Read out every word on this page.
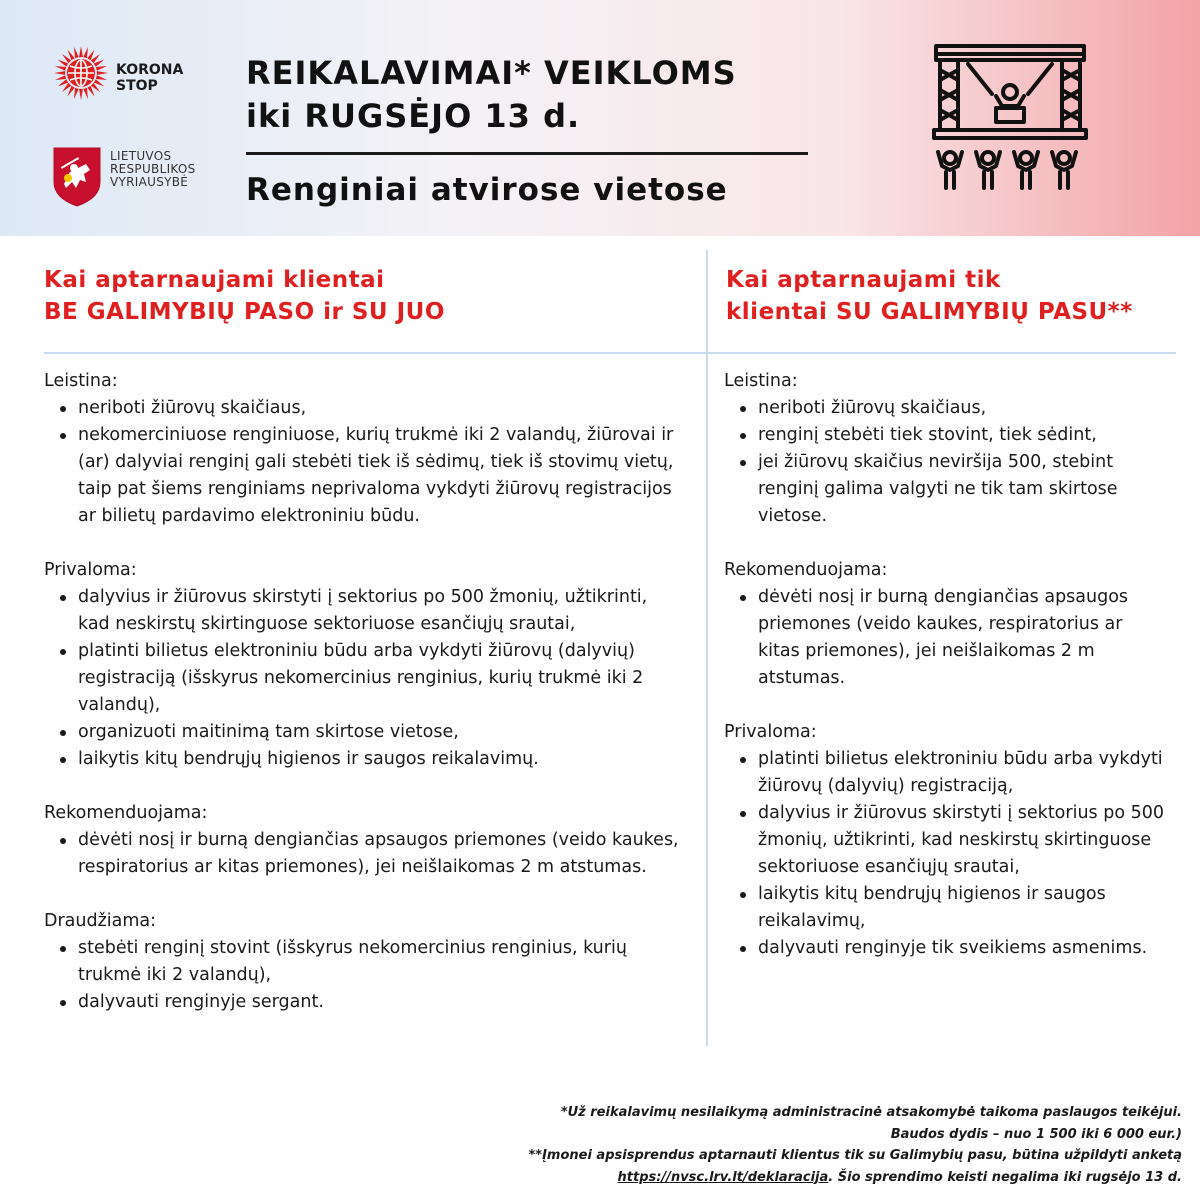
KORONA
STOP
LIETUVOS
RESPUBLIKOS
VYRIAUSYBĖ
REIKALAVIMAI* VEIKLOMS
iki RUGSĖJO 13 d.
Renginiai atvirose vietose
Kai aptarnaujami klientai
BE GALIMYBIŲ PASO ir SU JUO
Kai aptarnaujami tik
klientai SU GALIMYBIŲ PASU**
Leistina:
neriboti žiūrovų skaičiaus,
nekomerciniuose renginiuose, kurių trukmė iki 2 valandų, žiūrovai ir (ar) dalyviai renginį gali stebėti tiek iš sėdimų, tiek iš stovimų vietų, taip pat šiems renginiams neprivaloma vykdyti žiūrovų registracijos ar bilietų pardavimo elektroniniu būdu.
Privaloma:
dalyvius ir žiūrovus skirstyti į sektorius po 500 žmonių, užtikrinti, kad neskirstų skirtinguose sektoriuose esančiųjų srautai,
platinti bilietus elektroniniu būdu arba vykdyti žiūrovų (dalyvių) registraciją (išskyrus nekomercinius renginius, kurių trukmė iki 2 valandų),
organizuoti maitinimą tam skirtose vietose,
laikytis kitų bendrųjų higienos ir saugos reikalavimų.
Rekomenduojama:
dėvėti nosį ir burną dengiančias apsaugos priemones (veido kaukes, respiratorius ar kitas priemones), jei neišlaikomas 2 m atstumas.
Draudžiama:
stebėti renginį stovint (išskyrus nekomercinius renginius, kurių trukmė iki 2 valandų),
dalyvauti renginyje sergant.
Leistina:
neriboti žiūrovų skaičiaus,
renginį stebėti tiek stovint, tiek sėdint,
jei žiūrovų skaičius neviršija 500, stebint renginį galima valgyti ne tik tam skirtose vietose.
Rekomenduojama:
dėvėti nosį ir burną dengiančias apsaugos priemones (veido kaukes, respiratorius ar kitas priemones), jei neišlaikomas 2 m atstumas.
Privaloma:
platinti bilietus elektroniniu būdu arba vykdyti žiūrovų (dalyvių) registraciją,
dalyvius ir žiūrovus skirstyti į sektorius po 500 žmonių, užtikrinti, kad neskirstų skirtinguose sektoriuose esančiųjų srautai,
laikytis kitų bendrųjų higienos ir saugos reikalavimų,
dalyvauti renginyje tik sveikiems asmenims.
*Už reikalavimų nesilaikymą administracinė atsakomybė taikoma paslaugos teikėjui.
Baudos dydis – nuo 1 500 iki 6 000 eur.)
**Įmonei apsisprendus aptarnauti klientus tik su Galimybių pasu, būtina užpildyti anketą
https://nvsc.lrv.lt/deklaracija. Šio sprendimo keisti negalima iki rugsėjo 13 d.
